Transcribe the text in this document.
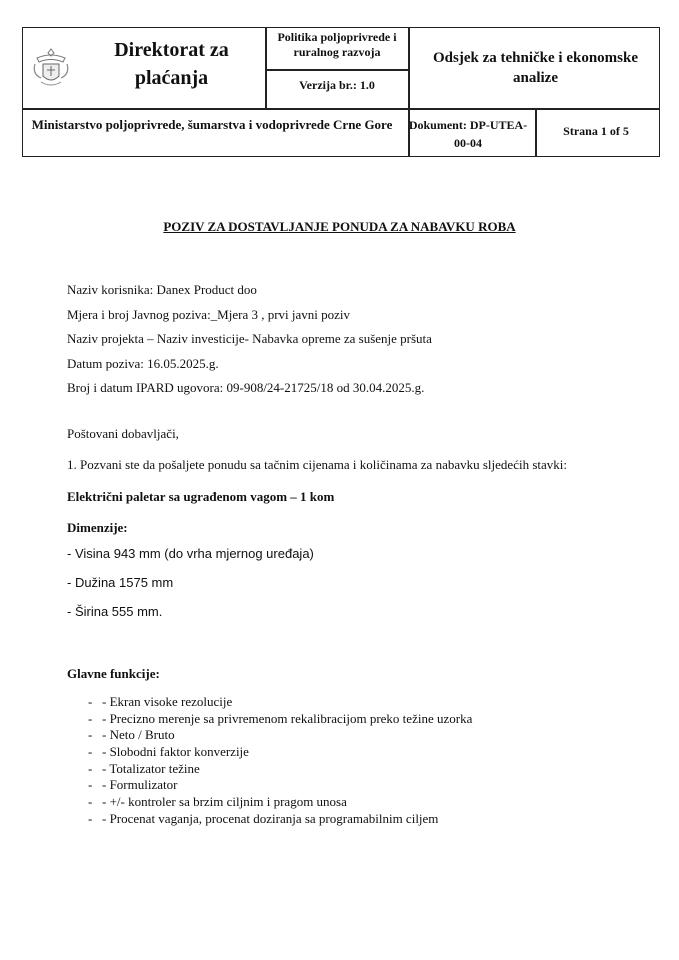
Direktorat za plaćanja
Politika poljoprivrede i ruralnog razvoja
Verzija br.: 1.0
Odsjek za tehničke i ekonomske analize
Ministarstvo poljoprivrede, šumarstva i vodoprivrede Crne Gore	Dokument: DP-UTEA-00-04
Strana 1 of 5
POZIV ZA DOSTAVLJANJE PONUDA ZA NABAVKU ROBA
Naziv korisnika: Danex Product doo
Mjera i broj Javnog poziva:_Mjera 3 , prvi javni poziv
Naziv projekta – Naziv investicije- Nabavka opreme za sušenje pršuta
Datum poziva: 16.05.2025.g.
Broj i datum IPARD ugovora: 09-908/24-21725/18 od 30.04.2025.g.
Poštovani dobavljači,
1. Pozvani ste da pošaljete ponudu sa tačnim cijenama i količinama za nabavku sljedećih stavki:
Električni paletar sa ugrađenom vagom – 1 kom
Dimenzije:
- Visina 943 mm (do vrha mjernog uređaja)
- Dužina 1575 mm
- Širina 555 mm.
Glavne funkcije:
- - Ekran visoke rezolucije
- - Precizno merenje sa privremenom rekalibracijom preko težine uzorka
- - Neto / Bruto
- - Slobodni faktor konverzije
- - Totalizator težine
- - Formulizator
- - +/- kontroler sa brzim ciljnim i pragom unosa
- - Procenat vaganja, procenat doziranja sa programabilnim ciljem
